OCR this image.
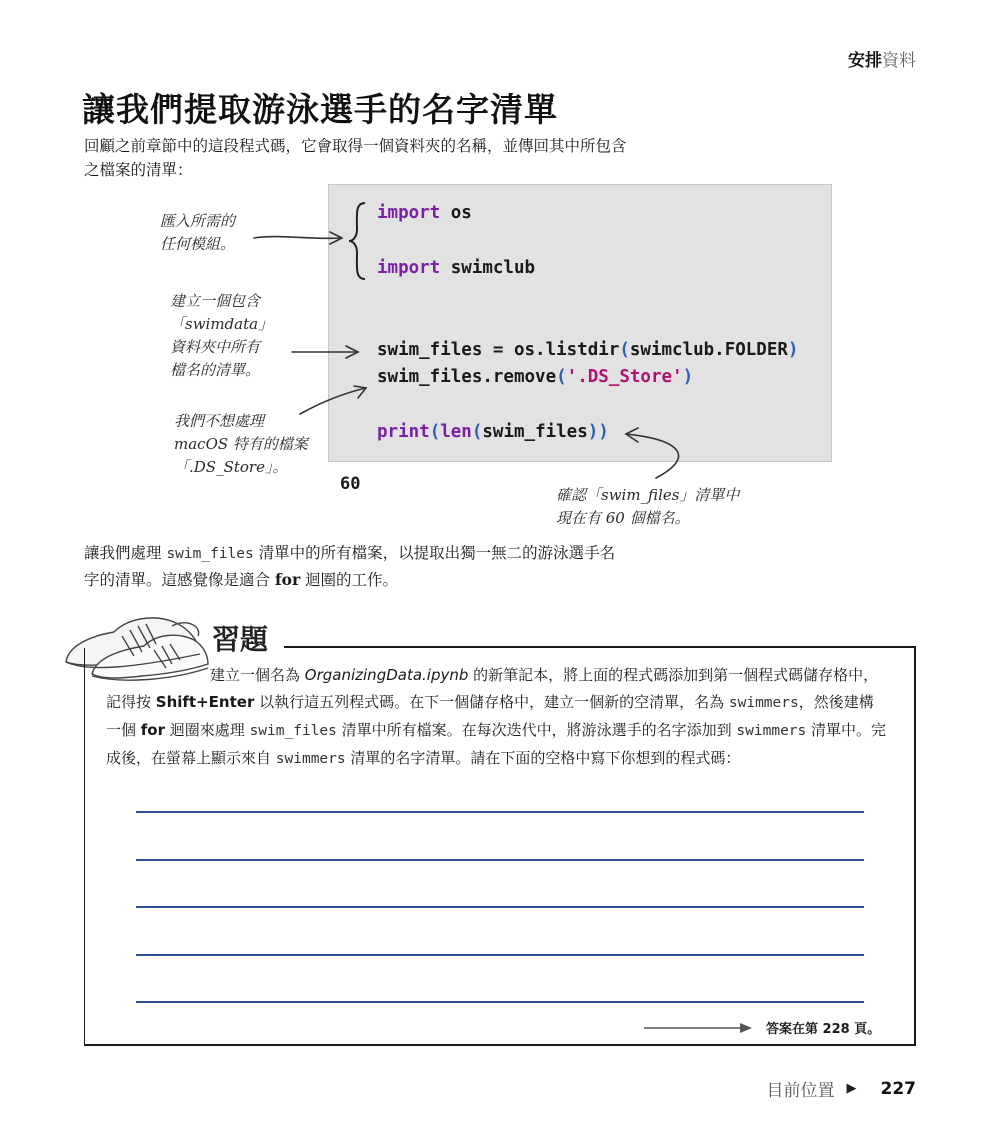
安排資料
讓我們提取游泳選手的名字清單
回顧之前章節中的這段程式碼，它會取得一個資料夾的名稱，並傳回其中所包含
之檔案的清單：
import os
import swimclub
swim_files = os.listdir(swimclub.FOLDER)
swim_files.remove('.DS_Store')
print(len(swim_files))
60
匯入所需的
任何模組。
建立一個包含
「swimdata」
資料夾中所有
檔名的清單。
我們不想處理
macOS 特有的檔案
「.DS_Store」。
確認「swim_files」清單中
現在有 60 個檔名。
讓我們處理 swim_files 清單中的所有檔案，以提取出獨一無二的游泳選手名
字的清單。這感覺像是適合 for 迴圈的工作。
習題
建立一個名為 OrganizingData.ipynb 的新筆記本，將上面的程式碼添加到第一個程式碼儲存格中，記得按 Shift+Enter 以執行這五列程式碼。在下一個儲存格中，建立一個新的空清單，名為 swimmers，然後建構一個 for 迴圈來處理 swim_files 清單中所有檔案。在每次迭代中，將游泳選手的名字添加到 swimmers 清單中。完成後，在螢幕上顯示來自 swimmers 清單的名字清單。請在下面的空格中寫下你想到的程式碼：
答案在第 228 頁。
目前位置 ▶ 227
